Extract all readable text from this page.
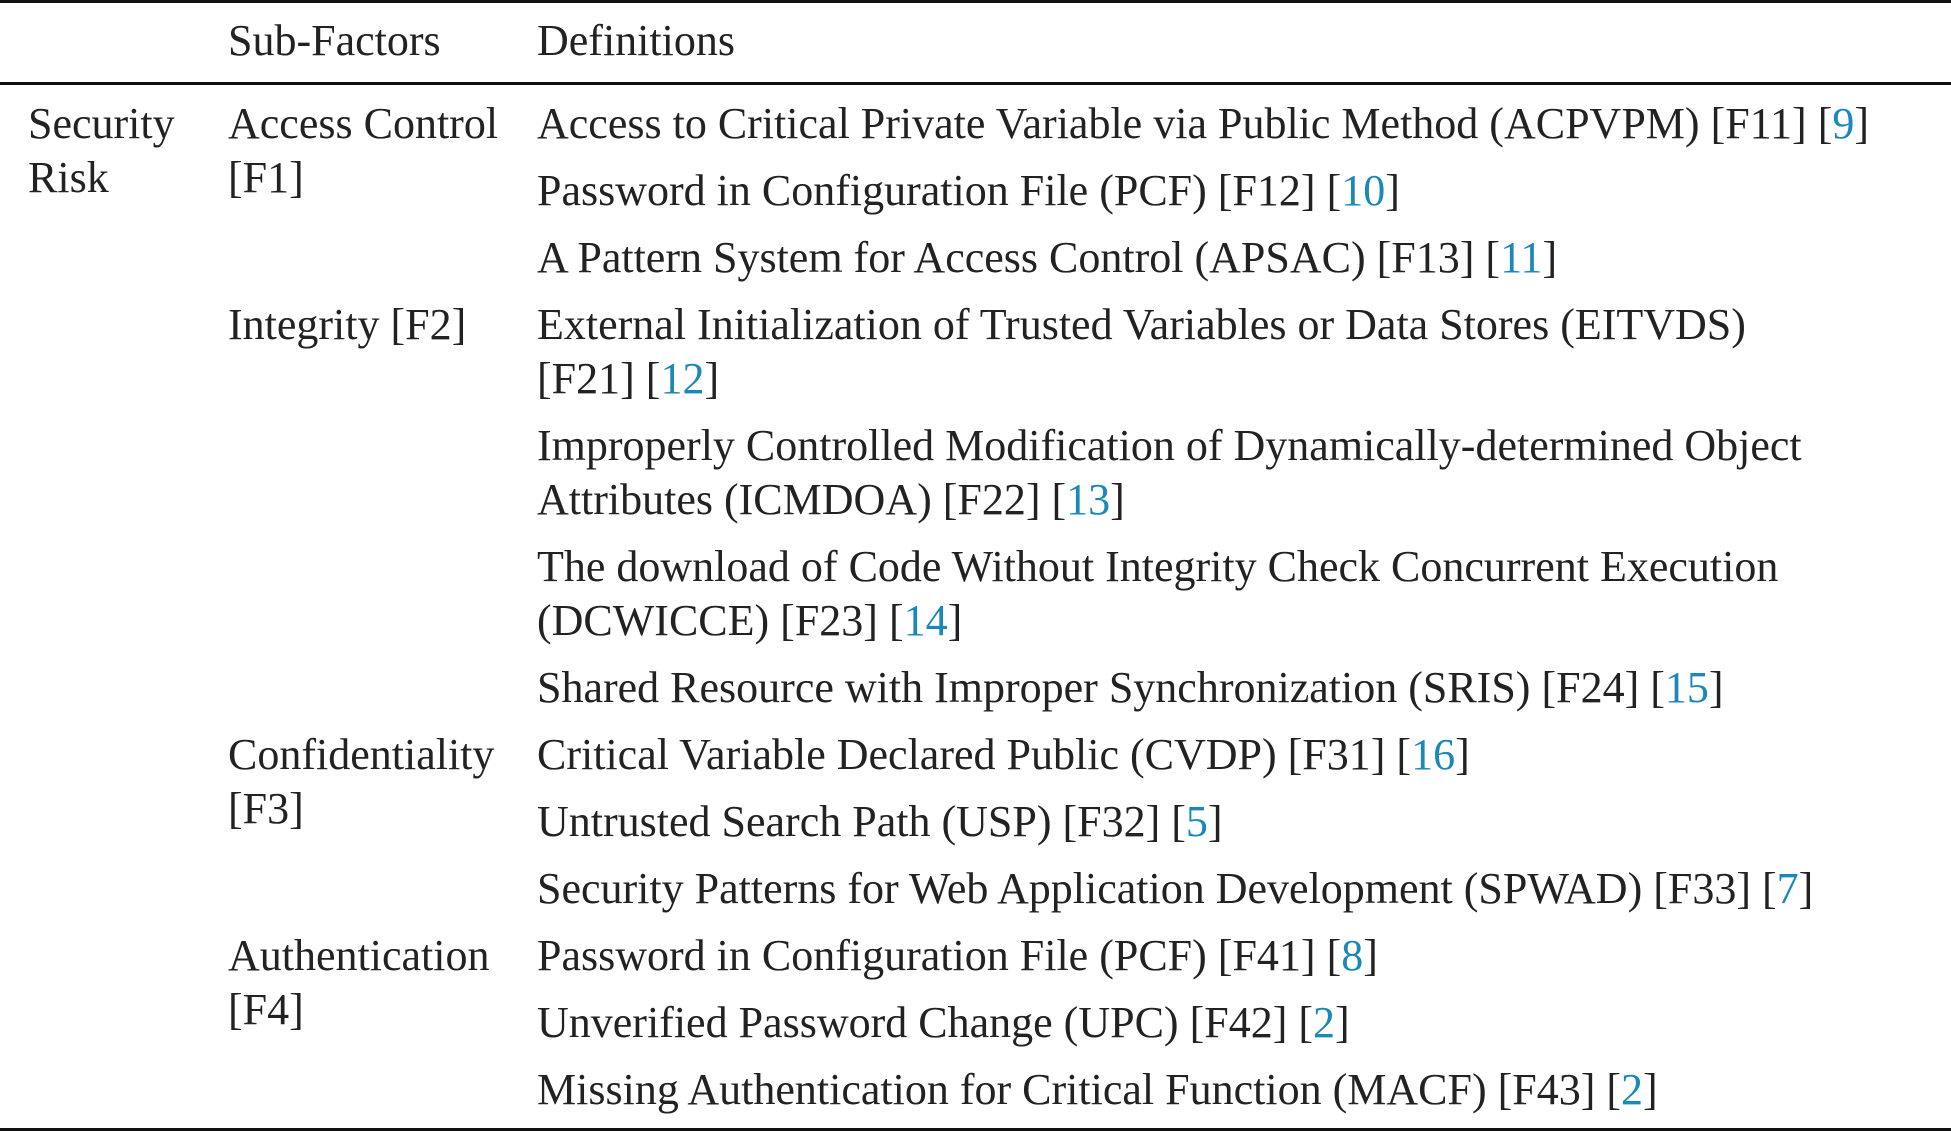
Sub-Factors Definitions
Security
Risk
Access Control
[F1]
Integrity [F2]
Confidentiality
[F3]
Authentication
[F4]
Access to Critical Private Variable via Public Method (ACPVPM) [F11] [9]
Password in Configuration File (PCF) [F12] [10]
A Pattern System for Access Control (APSAC) [F13] [11]
External Initialization of Trusted Variables or Data Stores (EITVDS)
[F21] [12]
Improperly Controlled Modification of Dynamically-determined Object
Attributes (ICMDOA) [F22] [13]
The download of Code Without Integrity Check Concurrent Execution
(DCWICCE) [F23] [14]
Shared Resource with Improper Synchronization (SRIS) [F24] [15]
Critical Variable Declared Public (CVDP) [F31] [16]
Untrusted Search Path (USP) [F32] [5]
Security Patterns for Web Application Development (SPWAD) [F33] [7]
Password in Configuration File (PCF) [F41] [8]
Unverified Password Change (UPC) [F42] [2]
Missing Authentication for Critical Function (MACF) [F43] [2]
